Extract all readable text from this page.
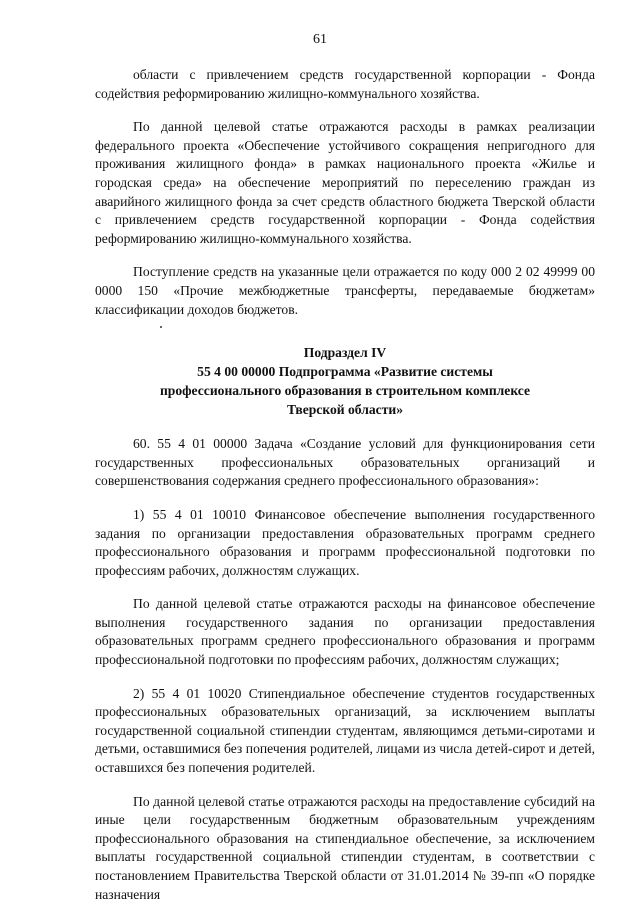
61

области с привлечением средств государственной корпорации - Фонда содействия реформированию жилищно-коммунального хозяйства.

По данной целевой статье отражаются расходы в рамках реализации федерального проекта «Обеспечение устойчивого сокращения непригодного для проживания жилищного фонда» в рамках национального проекта «Жилье и городская среда» на обеспечение мероприятий по переселению граждан из аварийного жилищного фонда за счет средств областного бюджета Тверской области с привлечением средств государственной корпорации - Фонда содействия реформированию жилищно-коммунального хозяйства.

Поступление средств на указанные цели отражается по коду 000 2 02 49999 00 0000 150 «Прочие межбюджетные трансферты, передаваемые бюджетам» классификации доходов бюджетов.

Подраздел IV
55 4 00 00000 Подпрограмма «Развитие системы
профессионального образования в строительном комплексе
Тверской области»

60. 55 4 01 00000 Задача «Создание условий для функционирования сети государственных профессиональных образовательных организаций и совершенствования содержания среднего профессионального образования»:

1) 55 4 01 10010 Финансовое обеспечение выполнения государственного задания по организации предоставления образовательных программ среднего профессионального образования и программ профессиональной подготовки по профессиям рабочих, должностям служащих.

По данной целевой статье отражаются расходы на финансовое обеспечение выполнения государственного задания по организации предоставления образовательных программ среднего профессионального образования и программ профессиональной подготовки по профессиям рабочих, должностям служащих;

2) 55 4 01 10020 Стипендиальное обеспечение студентов государственных профессиональных образовательных организаций, за исключением выплаты государственной социальной стипендии студентам, являющимся детьми-сиротами и детьми, оставшимися без попечения родителей, лицами из числа детей-сирот и детей, оставшихся без попечения родителей.

По данной целевой статье отражаются расходы на предоставление субсидий на иные цели государственным бюджетным образовательным учреждениям профессионального образования на стипендиальное обеспечение, за исключением выплаты государственной социальной стипендии студентам, в соответствии с постановлением Правительства Тверской области от 31.01.2014 № 39-пп «О порядке назначения
